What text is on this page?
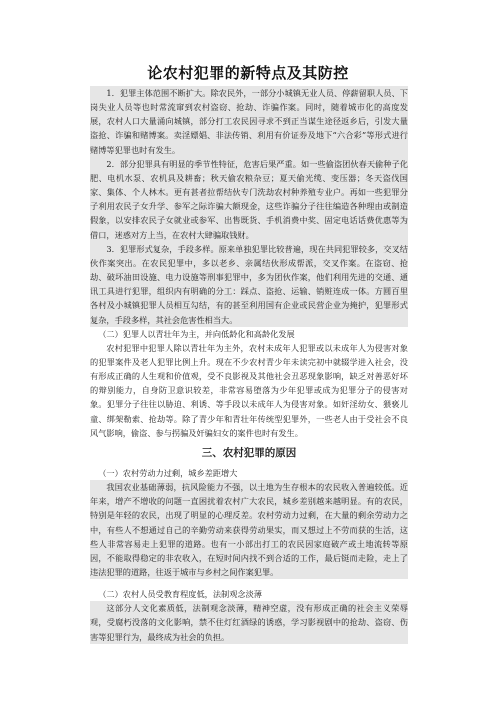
论农村犯罪的新特点及其防控

1．犯罪主体范围不断扩大。除农民外，一部分小城镇无业人员、停薪留职人员、下岗失业人员等也时常流窜到农村盗窃、抢劫、诈骗作案。同时，随着城市化的高度发展，农村人口大量涌向城镇，部分打工农民因寻求不到正当谋生途径返乡后，引发大量盗抢、诈骗和赌博案。卖淫嫖娼、非法传销、利用有价证券及地下“六合彩”等形式进行赌博等犯罪也时有发生。

2．部分犯罪具有明显的季节性特征，危害后果严重。如一些偷盗团伙春天偷种子化肥、电机水泵、农机具及耕畜；秋天偷农粮杂豆；夏天偷光缆、变压器；冬天盗伐国家、集体、个人林木。更有甚者拉帮结伙专门洗劫农村种养殖专业户。再如一些犯罪分子利用农民子女升学、参军之际诈骗大额现金，这些诈骗分子往往编造各种理由或制造假象，以安排农民子女就业或参军、出售既货、手机消费中奖、固定电话话费优惠等为借口，迷惑对方上当，在农村大肆骗取钱财。

3．犯罪形式复杂，手段多样。原来单独犯罪比较普遍，现在共同犯罪较多，交叉结伙作案突出。在农民犯罪中，多以老乡、亲属结伙形成帮派，交叉作案。在盗窃、抢劫、破坏油田设施、电力设施等刑事犯罪中，多为团伙作案，他们利用先进的交通、通讯工具进行犯罪，组织内有明确的分工：踩点、盗抢、运输、销赃连成一体。方圆百里各村及小城镇犯罪人员相互勾结，有的甚至利用国有企业或民营企业为掩护，犯罪形式复杂，手段多样，其社会危害性相当大。

（二）犯罪人以青壮年为主，并向低龄化和高龄化发展

农村犯罪中犯罪人除以青壮年为主外，农村未成年人犯罪或以未成年人为侵害对象的犯罪案件及老人犯罪比例上升。现在不少农村青少年未读完初中就辍学进入社会，没有形成正确的人生观和价值观，受不良影视及其他社会丑恶现象影响，缺乏对善恶好坏的辩别能力，自身防卫意识较差，非常容易堕落为少年犯罪或成为犯罪分子的侵害对象。犯罪分子往往以胁迫、利诱、等手段以未成年人为侵害对象。如奸淫幼女、猥亵儿童、绑架勒索、抢劫等。除了青少年和青壮年传统型犯罪外，一些老人由于受社会不良风气影响，偷盗、参与拐骗及奸骗妇女的案件也时有发生。

三、农村犯罪的原因

（一）农村劳动力过剩，城乡差距增大

我国农业基础薄弱，抗风险能力不强，以土地为生存根本的农民收入普遍较低。近年来，增产不增收的问题一直困扰着农村广大农民，城乡差别越来越明显。有的农民，特别是年轻的农民，出现了明显的心理反差。农村劳动力过剩，在大量的剩余劳动力之中，有些人不想通过自己的辛勤劳动来获得劳动果实，而又想过上不劳而获的生活，这些人非常容易走上犯罪的道路。也有一小部出打工的农民因家庭破产或土地流转等原因，不能取得稳定的非农收入，在短时间内找不到合适的工作，最后铤而走险，走上了违法犯罪的道路，往返于城市与乡村之间作案犯罪。

（二）农村人员受教育程度低，法制观念淡薄

这部分人文化素质低，法制观念淡薄，精神空虚，没有形成正确的社会主义荣辱观，受腐朽没落的文化影响，禁不住灯红酒绿的诱惑，学习影视剧中的抢劫、盗窃、伤害等犯罪行为，最终成为社会的负担。
